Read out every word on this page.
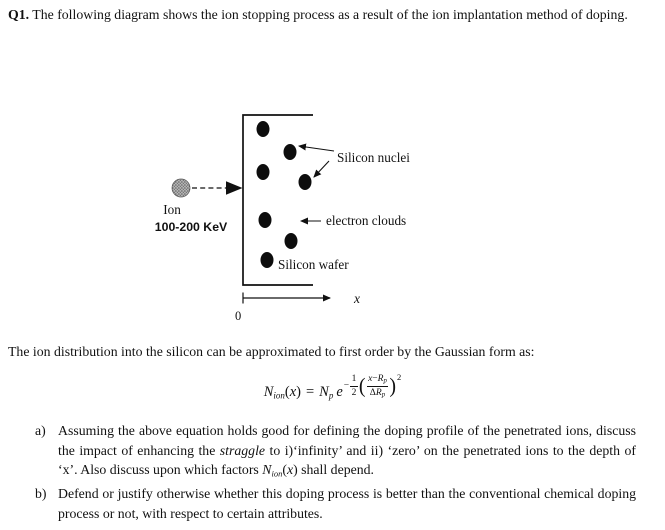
Q1. The following diagram shows the ion stopping process as a result of the ion implantation method of doping.

Silicon nuclei
electron clouds
Silicon wafer
Ion
100-200 KeV
x
0

The ion distribution into the silicon can be approximated to first order by the Gaussian form as:

$N_{ion}(x) = N_p$ $e - \frac{1}{2}$ ( $\frac{x-R_p}{\Delta R_p}$ ) 2
a) Assuming the above equation holds good for defining the doping profile of the penetrated ions, discuss the impact of enhancing the straggle to i)‘infinity’ and ii) ‘zero’ on the penetrated ions to the depth of ‘x’. Also discuss upon which factors $N_{ion}(x)$ shall depend.
b) Defend or justify otherwise whether this doping process is better than the conventional chemical doping process or not, with respect to certain attributes.
